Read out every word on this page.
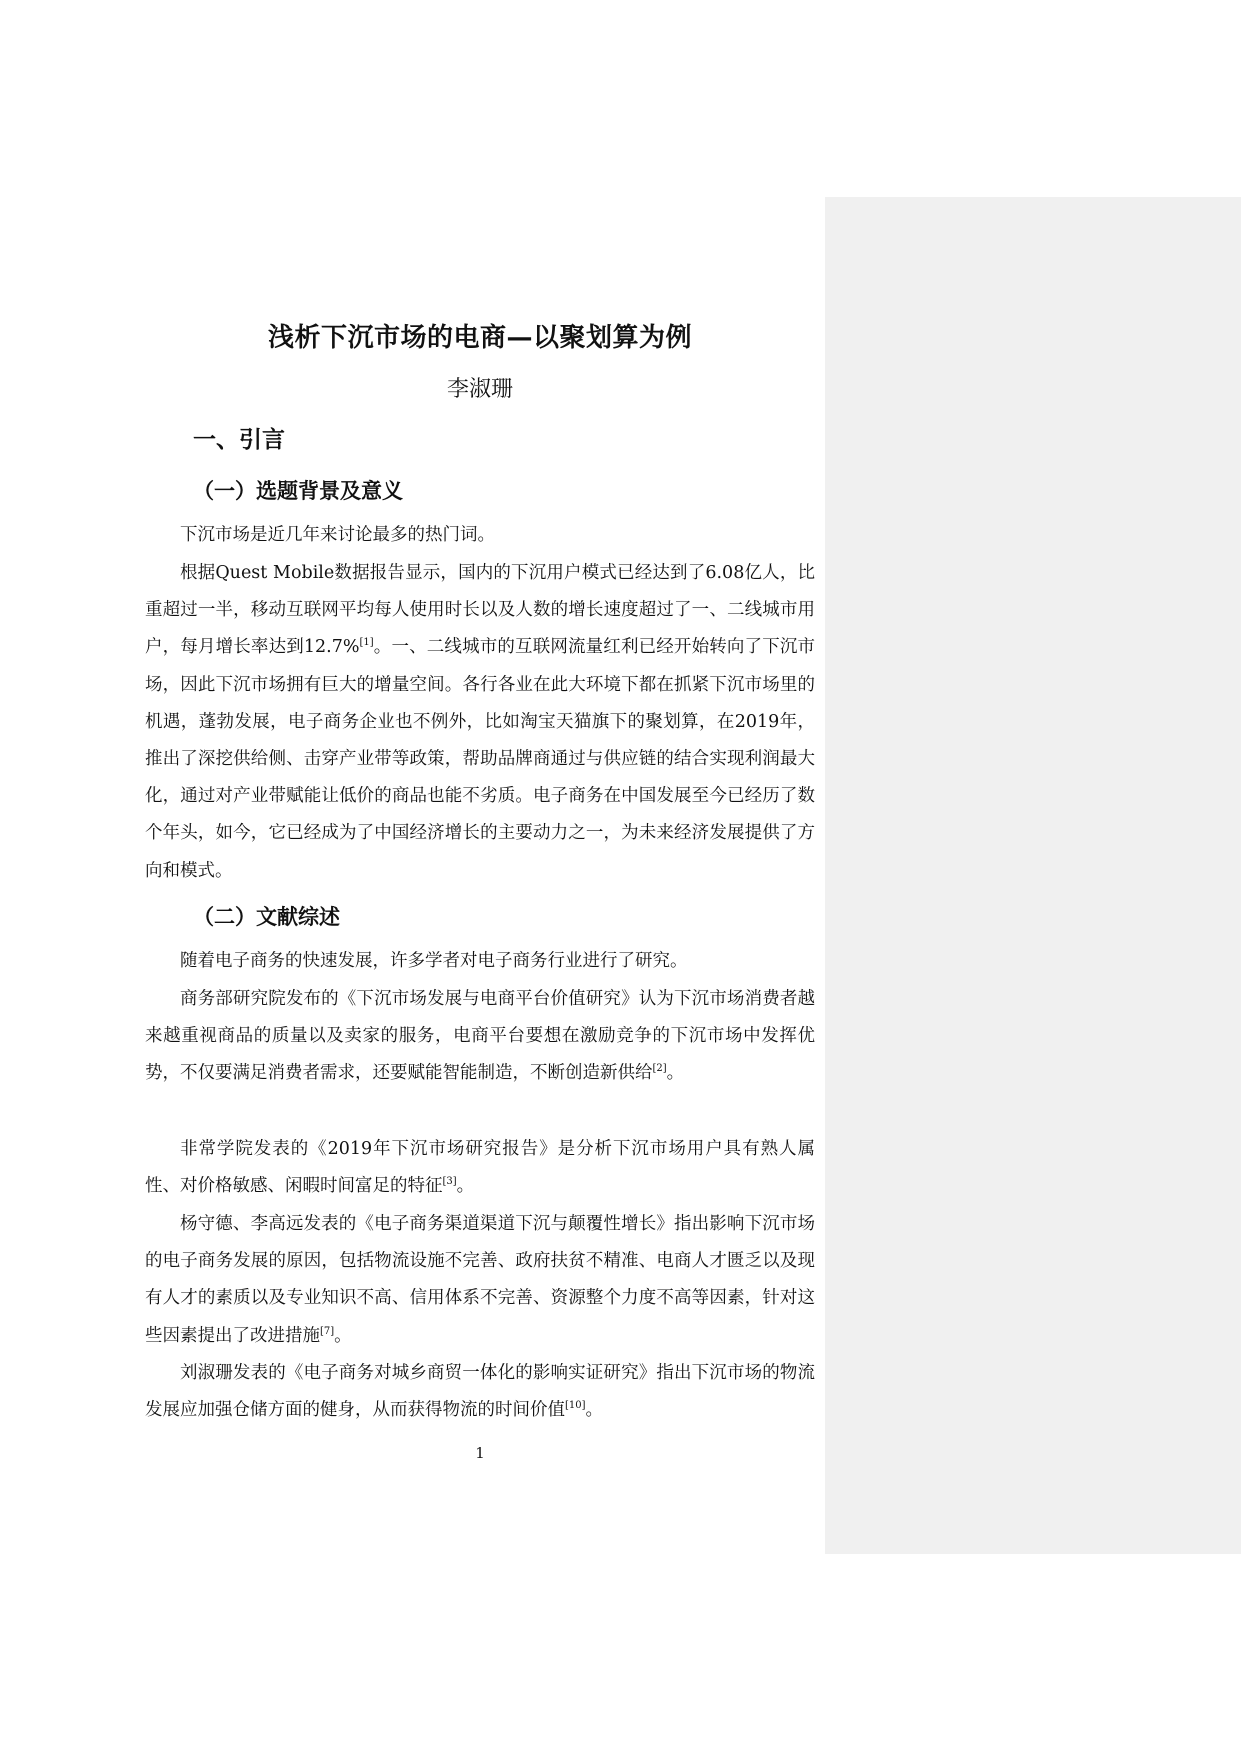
浅析下沉市场的电商—以聚划算为例
李淑珊
一、引言
（一）选题背景及意义

下沉市场是近几年来讨论最多的热门词。

根据Quest Mobile数据报告显示，国内的下沉用户模式已经达到了6.08亿人，比重超过一半，移动互联网平均每人使用时长以及人数的增长速度超过了一、二线城市用户，每月增长率达到12.7%[1]。一、二线城市的互联网流量红利已经开始转向了下沉市场，因此下沉市场拥有巨大的增量空间。各行各业在此大环境下都在抓紧下沉市场里的机遇，蓬勃发展，电子商务企业也不例外，比如淘宝天猫旗下的聚划算，在2019年，推出了深挖供给侧、击穿产业带等政策，帮助品牌商通过与供应链的结合实现利润最大化，通过对产业带赋能让低价的商品也能不劣质。电子商务在中国发展至今已经历了数个年头，如今，它已经成为了中国经济增长的主要动力之一，为未来经济发展提供了方向和模式。

（二）文献综述

随着电子商务的快速发展，许多学者对电子商务行业进行了研究。

商务部研究院发布的《下沉市场发展与电商平台价值研究》认为下沉市场消费者越来越重视商品的质量以及卖家的服务，电商平台要想在激励竞争的下沉市场中发挥优势，不仅要满足消费者需求，还要赋能智能制造，不断创造新供给[2]。

非常学院发表的《2019年下沉市场研究报告》是分析下沉市场用户具有熟人属性、对价格敏感、闲暇时间富足的特征[3]。

杨守德、李高远发表的《电子商务渠道渠道下沉与颠覆性增长》指出影响下沉市场的电子商务发展的原因，包括物流设施不完善、政府扶贫不精准、电商人才匮乏以及现有人才的素质以及专业知识不高、信用体系不完善、资源整个力度不高等因素，针对这些因素提出了改进措施[7]。

刘淑珊发表的《电子商务对城乡商贸一体化的影响实证研究》指出下沉市场的物流发展应加强仓储方面的健身，从而获得物流的时间价值[10]。

1
